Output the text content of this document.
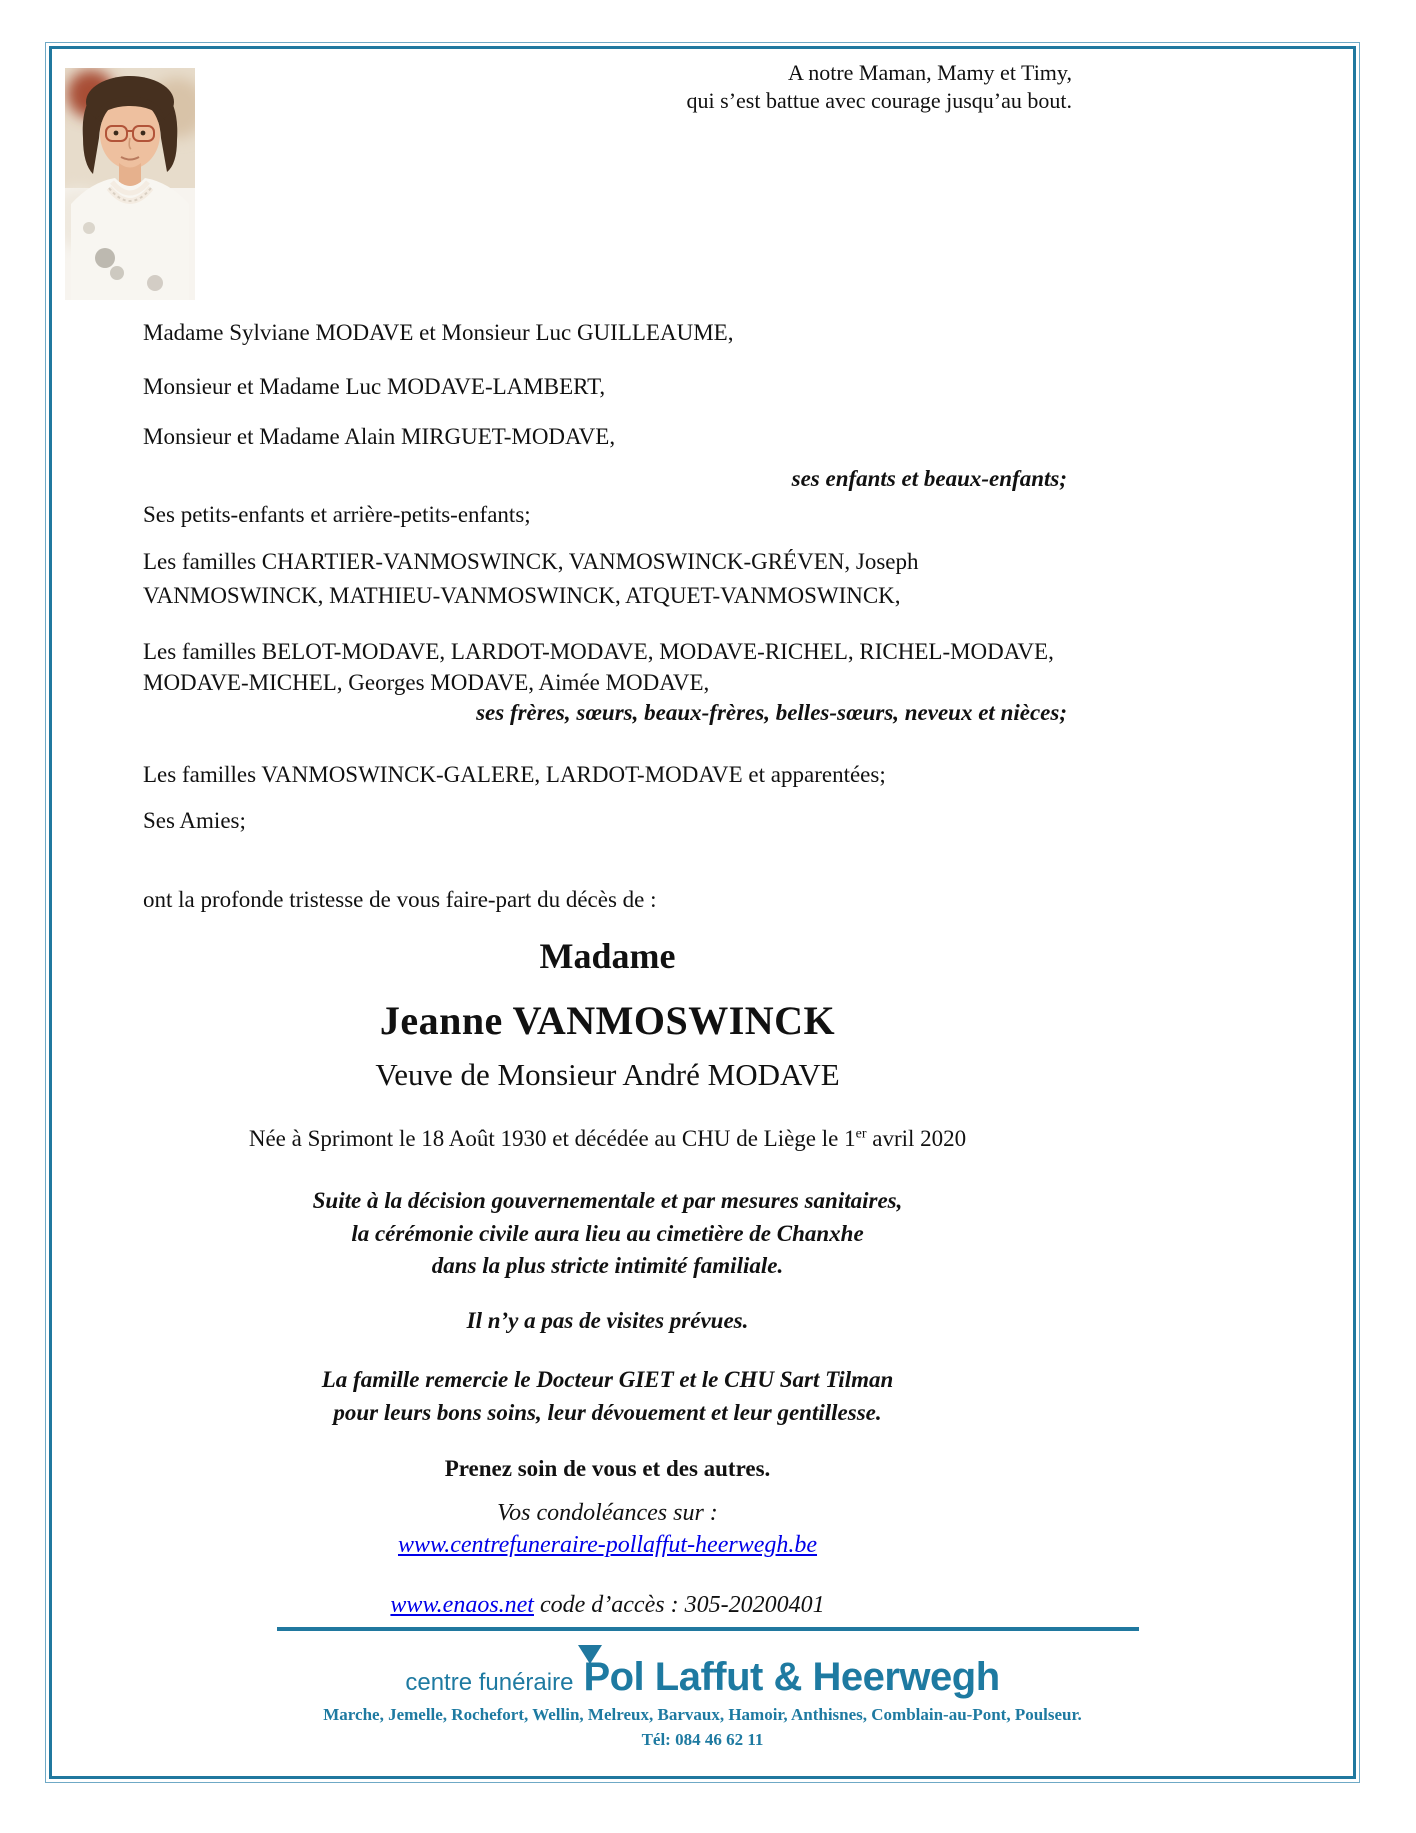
A notre Maman, Mamy et Timy,
qui s’est battue avec courage jusqu’au bout.
Madame Sylviane MODAVE et Monsieur Luc GUILLEAUME,
Monsieur et Madame Luc MODAVE-LAMBERT,
Monsieur et Madame Alain MIRGUET-MODAVE,
ses enfants et beaux-enfants;
Ses petits-enfants et arrière-petits-enfants;
Les familles CHARTIER-VANMOSWINCK, VANMOSWINCK-GRÉVEN, Joseph VANMOSWINCK, MATHIEU-VANMOSWINCK, ATQUET-VANMOSWINCK,
Les familles BELOT-MODAVE, LARDOT-MODAVE, MODAVE-RICHEL, RICHEL-MODAVE, MODAVE-MICHEL, Georges MODAVE, Aimée MODAVE,
ses frères, sœurs, beaux-frères, belles-sœurs, neveux et nièces;
Les familles VANMOSWINCK-GALERE, LARDOT-MODAVE et apparentées;
Ses Amies;
ont la profonde tristesse de vous faire-part du décès de :
Madame
Jeanne VANMOSWINCK
Veuve de Monsieur André MODAVE
Née à Sprimont le 18 Août 1930 et décédée au CHU de Liège le 1er avril 2020
Suite à la décision gouvernementale et par mesures sanitaires,
la cérémonie civile aura lieu au cimetière de Chanxhe
dans la plus stricte intimité familiale.
Il n’y a pas de visites prévues.
La famille remercie le Docteur GIET et le CHU Sart Tilman
pour leurs bons soins, leur dévouement et leur gentillesse.
Prenez soin de vous et des autres.
Vos condoléances sur :
www.centrefuneraire-pollaffut-heerwegh.be
www.enaos.net code d’accès : 305-20200401
centre funéraire Pol Laffut & Heerwegh
Marche, Jemelle, Rochefort, Wellin, Melreux, Barvaux, Hamoir, Anthisnes, Comblain-au-Pont, Poulseur.
Tél: 084 46 62 11
